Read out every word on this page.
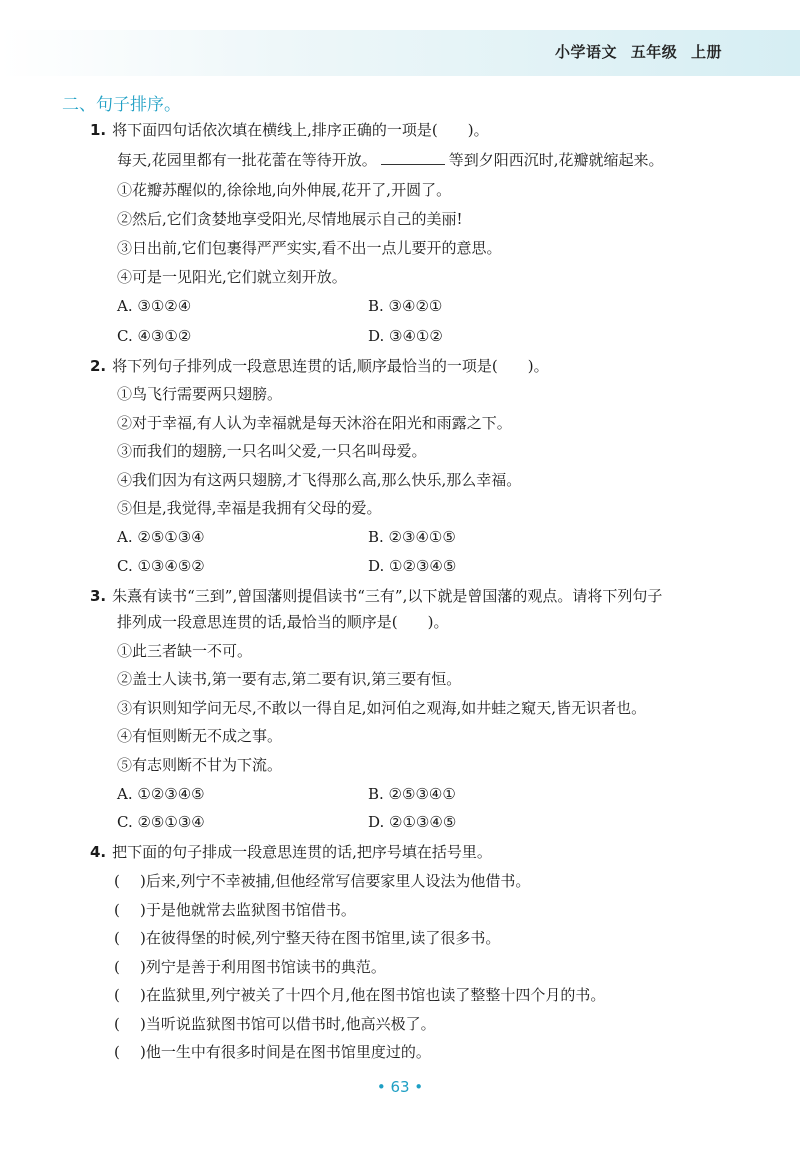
小学语文 五年级 上册
二、句子排序。
1. 将下面四句话依次填在横线上,排序正确的一项是(　　)。
每天,花园里都有一批花蕾在等待开放。	等到夕阳西沉时,花瓣就缩起来。
①花瓣苏醒似的,徐徐地,向外伸展,花开了,开圆了。
②然后,它们贪婪地享受阳光,尽情地展示自己的美丽!
③日出前,它们包裹得严严实实,看不出一点儿要开的意思。
④可是一见阳光,它们就立刻开放。
A. ③①②④	B. ③④②①
C. ④③①②	D. ③④①②
2. 将下列句子排列成一段意思连贯的话,顺序最恰当的一项是(　　)。
①鸟飞行需要两只翅膀。
②对于幸福,有人认为幸福就是每天沐浴在阳光和雨露之下。
③而我们的翅膀,一只名叫父爱,一只名叫母爱。
④我们因为有这两只翅膀,才飞得那么高,那么快乐,那么幸福。
⑤但是,我觉得,幸福是我拥有父母的爱。
A. ②⑤①③④	B. ②③④①⑤
C. ①③④⑤②	D. ①②③④⑤
3. 朱熹有读书“三到”,曾国藩则提倡读书“三有”,以下就是曾国藩的观点。请将下列句子
排列成一段意思连贯的话,最恰当的顺序是(　　)。
①此三者缺一不可。
②盖士人读书,第一要有志,第二要有识,第三要有恒。
③有识则知学问无尽,不敢以一得自足,如河伯之观海,如井蛙之窥天,皆无识者也。
④有恒则断无不成之事。
⑤有志则断不甘为下流。
A. ①②③④⑤	B. ②⑤③④①
C. ②⑤①③④	D. ②①③④⑤
4. 把下面的句子排成一段意思连贯的话,把序号填在括号里。
( )后来,列宁不幸被捕,但他经常写信要家里人设法为他借书。
( )于是他就常去监狱图书馆借书。
( )在彼得堡的时候,列宁整天待在图书馆里,读了很多书。
( )列宁是善于利用图书馆读书的典范。
( )在监狱里,列宁被关了十四个月,他在图书馆也读了整整十四个月的书。
( )当听说监狱图书馆可以借书时,他高兴极了。
( )他一生中有很多时间是在图书馆里度过的。
• 63 •
